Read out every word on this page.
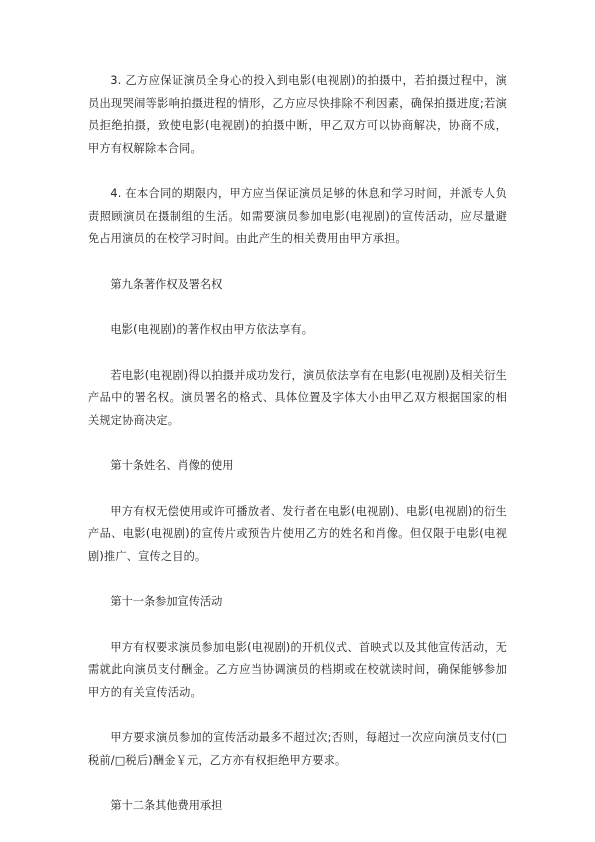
3. 乙方应保证演员全身心的投入到电影(电视剧)的拍摄中，若拍摄过程中，演员出现哭闹等影响拍摄进程的情形，乙方应尽快排除不利因素，确保拍摄进度;若演员拒绝拍摄，致使电影(电视剧)的拍摄中断，甲乙双方可以协商解决，协商不成，甲方有权解除本合同。

4. 在本合同的期限内，甲方应当保证演员足够的休息和学习时间，并派专人负责照顾演员在摄制组的生活。如需要演员参加电影(电视剧)的宣传活动，应尽量避免占用演员的在校学习时间。由此产生的相关费用由甲方承担。

第九条著作权及署名权

电影(电视剧)的著作权由甲方依法享有。

若电影(电视剧)得以拍摄并成功发行，演员依法享有在电影(电视剧)及相关衍生产品中的署名权。演员署名的格式、具体位置及字体大小由甲乙双方根据国家的相关规定协商决定。

第十条姓名、肖像的使用

甲方有权无偿使用或许可播放者、发行者在电影(电视剧)、电影(电视剧)的衍生产品、电影(电视剧)的宣传片或预告片使用乙方的姓名和肖像。但仅限于电影(电视剧)推广、宣传之目的。

第十一条参加宣传活动

甲方有权要求演员参加电影(电视剧)的开机仪式、首映式以及其他宣传活动，无需就此向演员支付酬金。乙方应当协调演员的档期或在校就读时间，确保能够参加甲方的有关宣传活动。

甲方要求演员参加的宣传活动最多不超过次;否则，每超过一次应向演员支付(□税前/□税后)酬金￥元，乙方亦有权拒绝甲方要求。

第十二条其他费用承担
